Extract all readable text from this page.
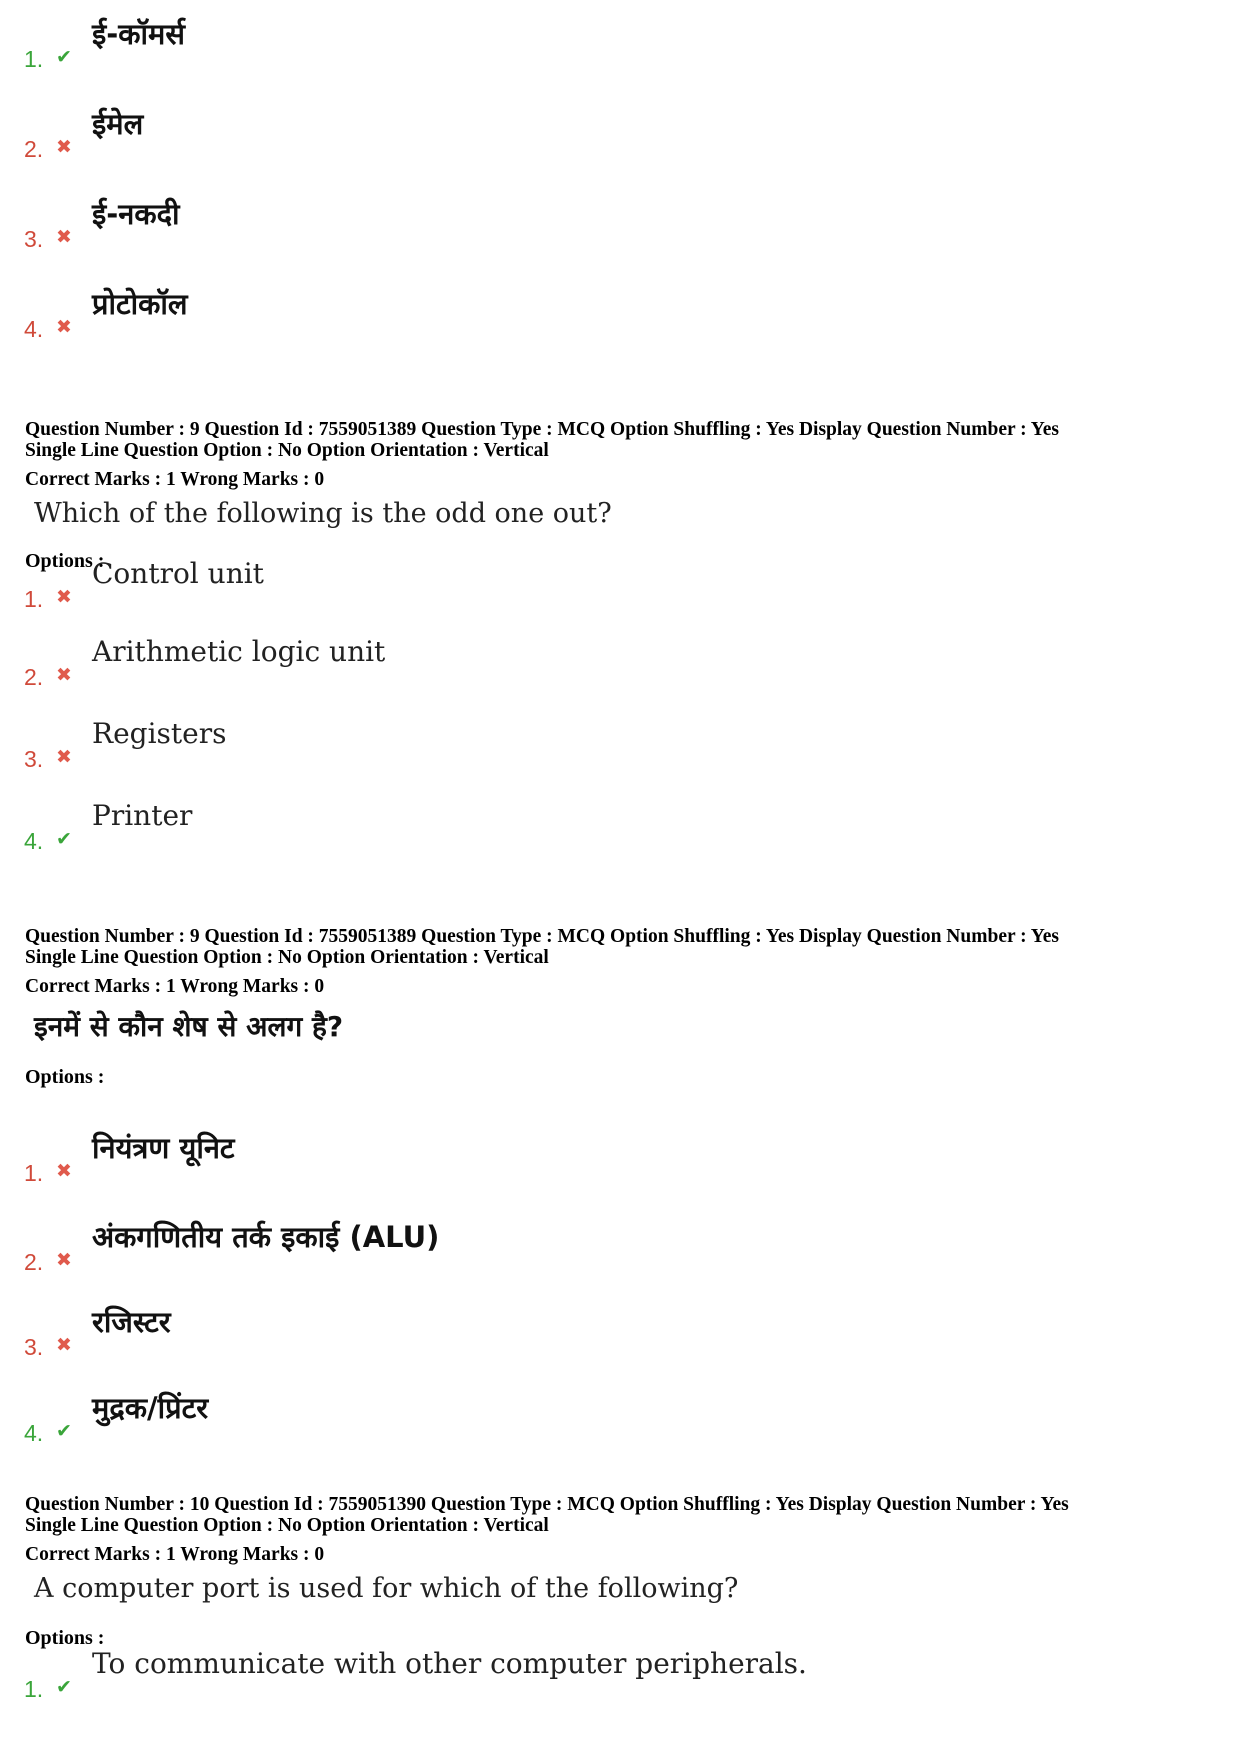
1. ✔
ई-कॉमर्स
2. ✖
ईमेल
3. ✖
ई-नकदी
4. ✖
प्रोटोकॉल
Question Number : 9 Question Id : 7559051389 Question Type : MCQ Option Shuffling : Yes Display Question Number : Yes
Single Line Question Option : No Option Orientation : Vertical
Correct Marks : 1 Wrong Marks : 0
Which of the following is the odd one out?
Options :
1. ✖
Control unit
2. ✖
Arithmetic logic unit
3. ✖
Registers
4. ✔
Printer
Question Number : 9 Question Id : 7559051389 Question Type : MCQ Option Shuffling : Yes Display Question Number : Yes
Single Line Question Option : No Option Orientation : Vertical
Correct Marks : 1 Wrong Marks : 0
इनमें से कौन शेष से अलग है?
Options :
1. ✖
नियंत्रण यूनिट
2. ✖
अंकगणितीय तर्क इकाई (ALU)
3. ✖
रजिस्टर
4. ✔
मुद्रक/प्रिंटर
Question Number : 10 Question Id : 7559051390 Question Type : MCQ Option Shuffling : Yes Display Question Number : Yes
Single Line Question Option : No Option Orientation : Vertical
Correct Marks : 1 Wrong Marks : 0
A computer port is used for which of the following?
Options :
1. ✔
To communicate with other computer peripherals.
